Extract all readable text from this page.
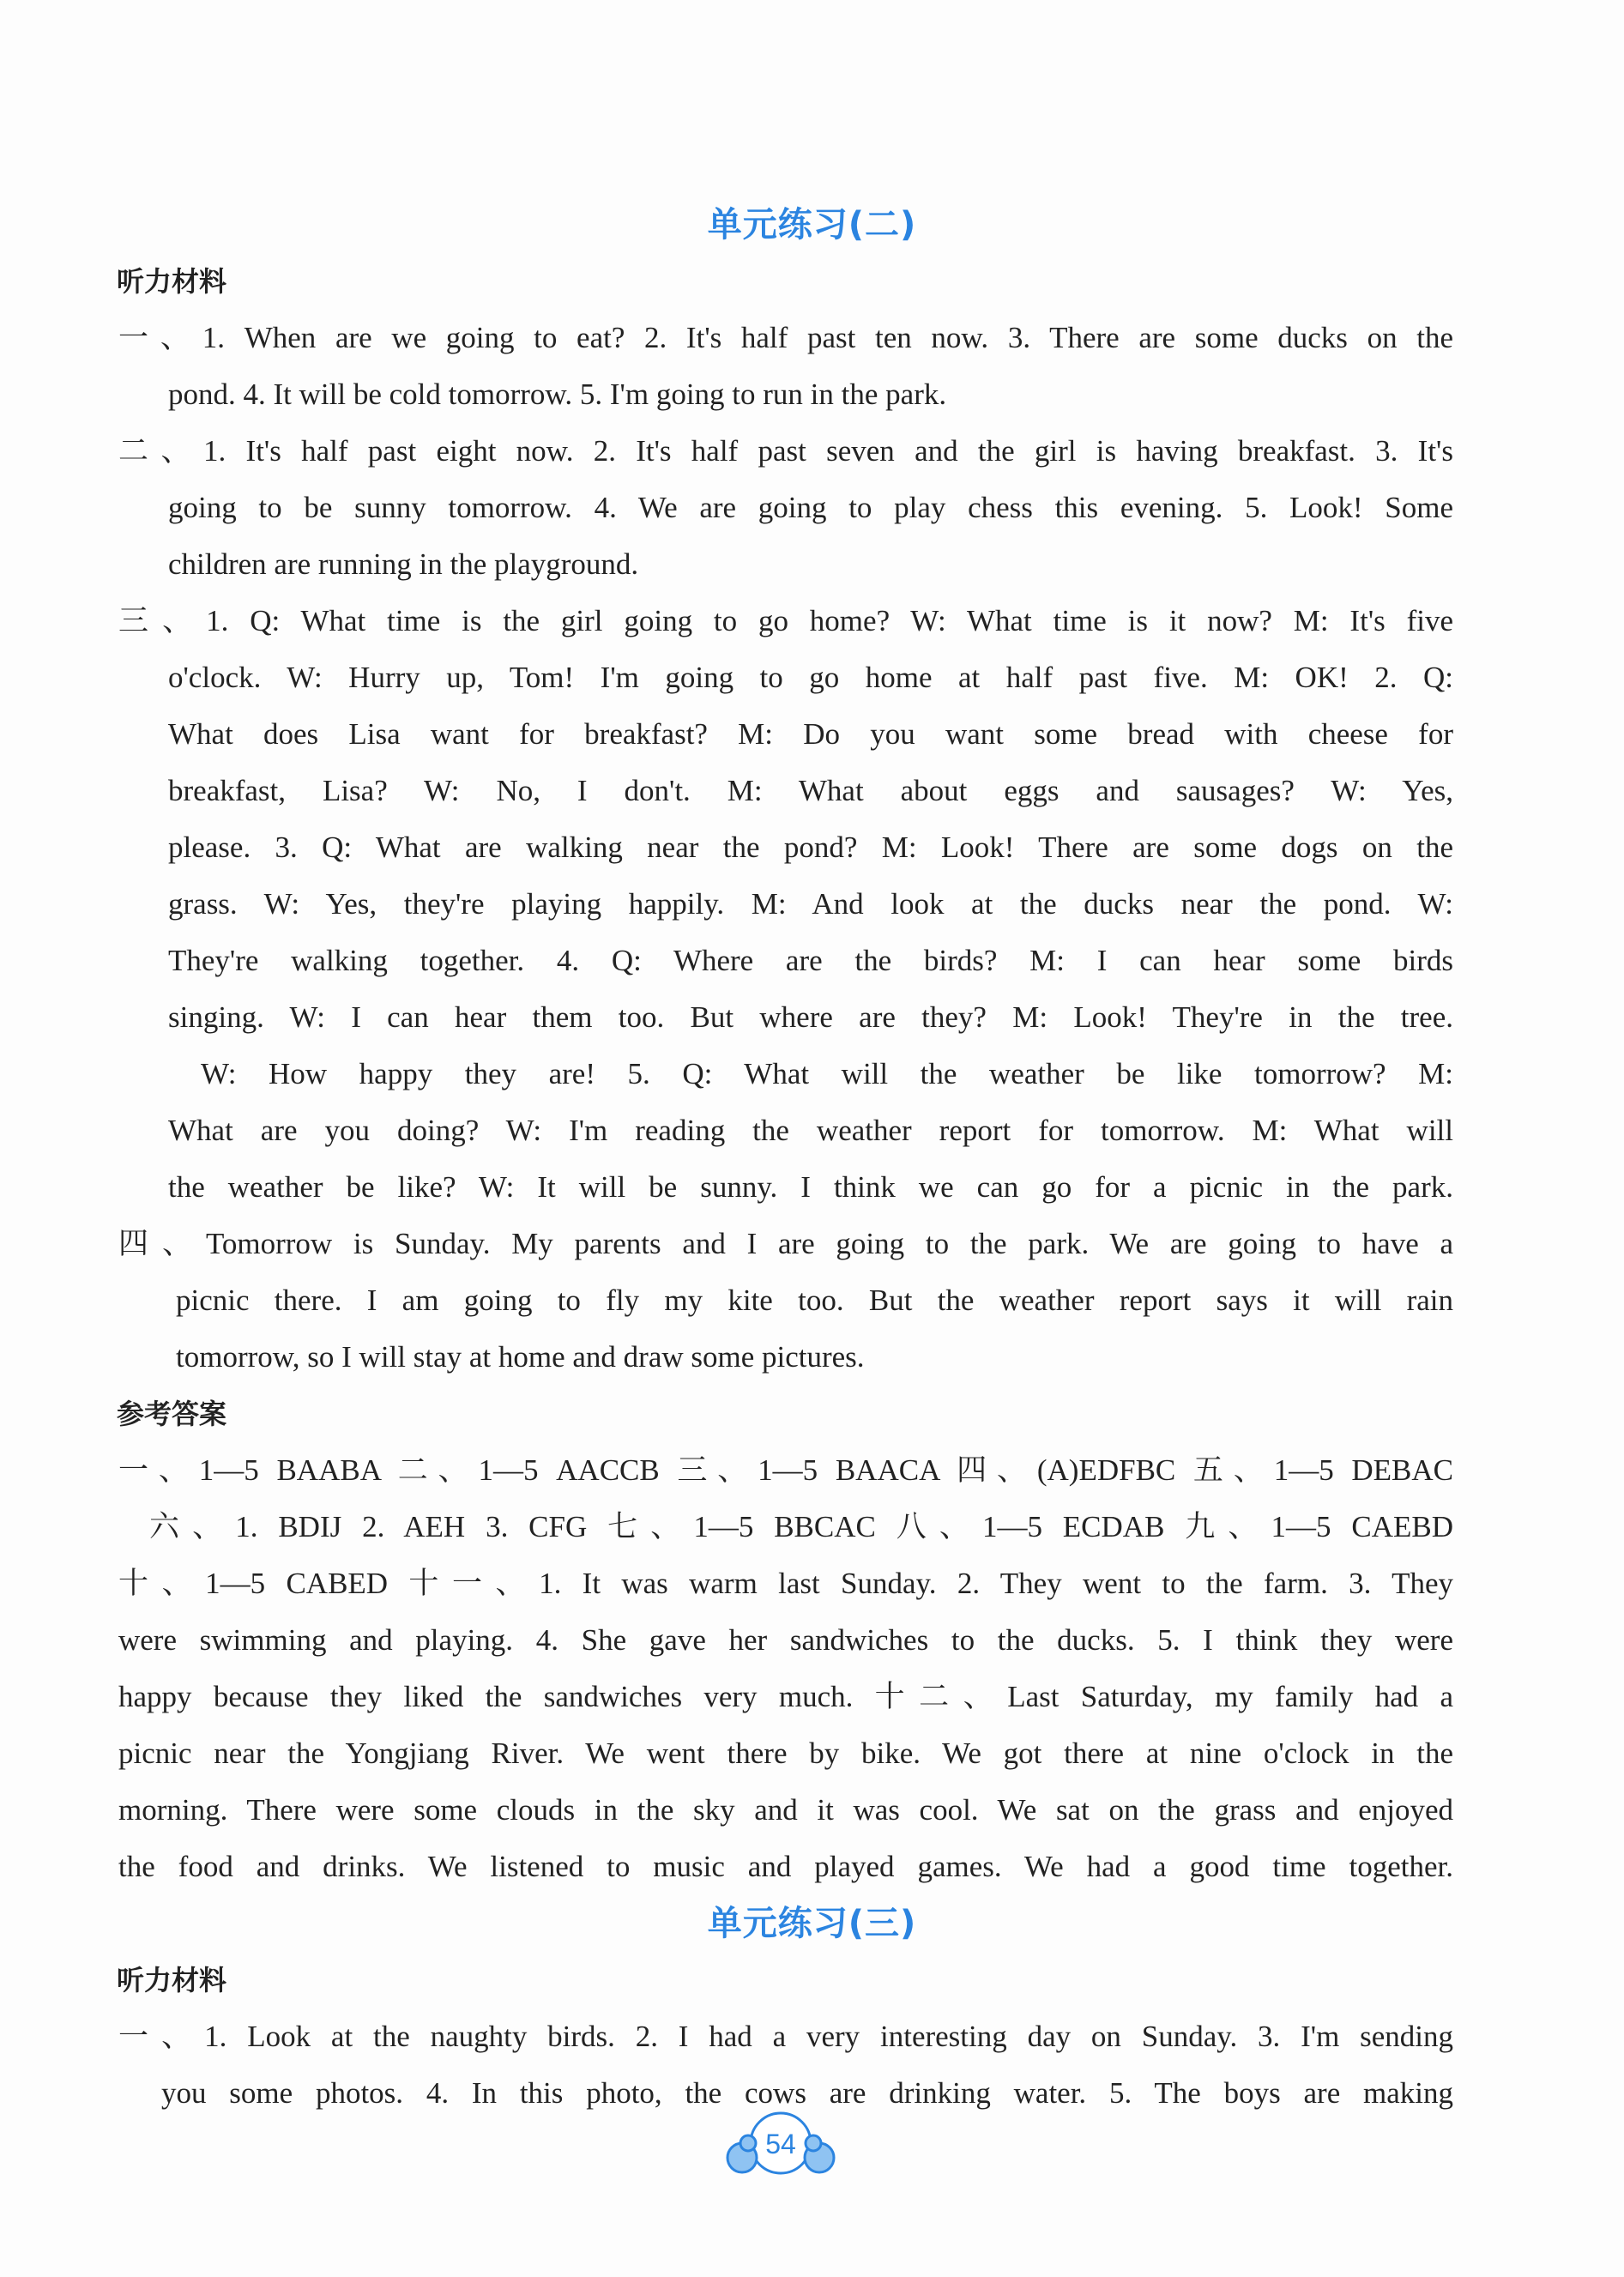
单元练习(二)
听力材料
一、1. When are we going to eat? 2. It's half past ten now. 3. There are some ducks on the
pond. 4. It will be cold tomorrow. 5. I'm going to run in the park.
二、1. It's half past eight now. 2. It's half past seven and the girl is having breakfast. 3. It's
going to be sunny tomorrow. 4. We are going to play chess this evening. 5. Look! Some
children are running in the playground.
三、1. Q: What time is the girl going to go home? W: What time is it now? M: It's five
o'clock. W: Hurry up, Tom! I'm going to go home at half past five. M: OK! 2. Q:
What does Lisa want for breakfast? M: Do you want some bread with cheese for
breakfast, Lisa? W: No, I don't. M: What about eggs and sausages? W: Yes,
please. 3. Q: What are walking near the pond? M: Look! There are some dogs on the
grass. W: Yes, they're playing happily. M: And look at the ducks near the pond. W:
They're walking together. 4. Q: Where are the birds? M: I can hear some birds
singing. W: I can hear them too. But where are they? M: Look! They're in the tree.
W: How happy they are! 5. Q: What will the weather be like tomorrow? M:
What are you doing? W: I'm reading the weather report for tomorrow. M: What will
the weather be like? W: It will be sunny. I think we can go for a picnic in the park.
四、Tomorrow is Sunday. My parents and I are going to the park. We are going to have a
picnic there. I am going to fly my kite too. But the weather report says it will rain
tomorrow, so I will stay at home and draw some pictures.
参考答案
一、1—5 BAABA 二、1—5 AACCB 三、1—5 BAACA 四、(A)EDFBC 五、1—5 DEBAC
六、1. BDIJ 2. AEH 3. CFG 七、1—5 BBCAC 八、1—5 ECDAB 九、1—5 CAEBD
十、1—5 CABED 十一、1. It was warm last Sunday. 2. They went to the farm. 3. They
were swimming and playing. 4. She gave her sandwiches to the ducks. 5. I think they were
happy because they liked the sandwiches very much. 十二、Last Saturday, my family had a
picnic near the Yongjiang River. We went there by bike. We got there at nine o'clock in the
morning. There were some clouds in the sky and it was cool. We sat on the grass and enjoyed
the food and drinks. We listened to music and played games. We had a good time together.
单元练习(三)
听力材料
一、1. Look at the naughty birds. 2. I had a very interesting day on Sunday. 3. I'm sending
you some photos. 4. In this photo, the cows are drinking water. 5. The boys are making
54
